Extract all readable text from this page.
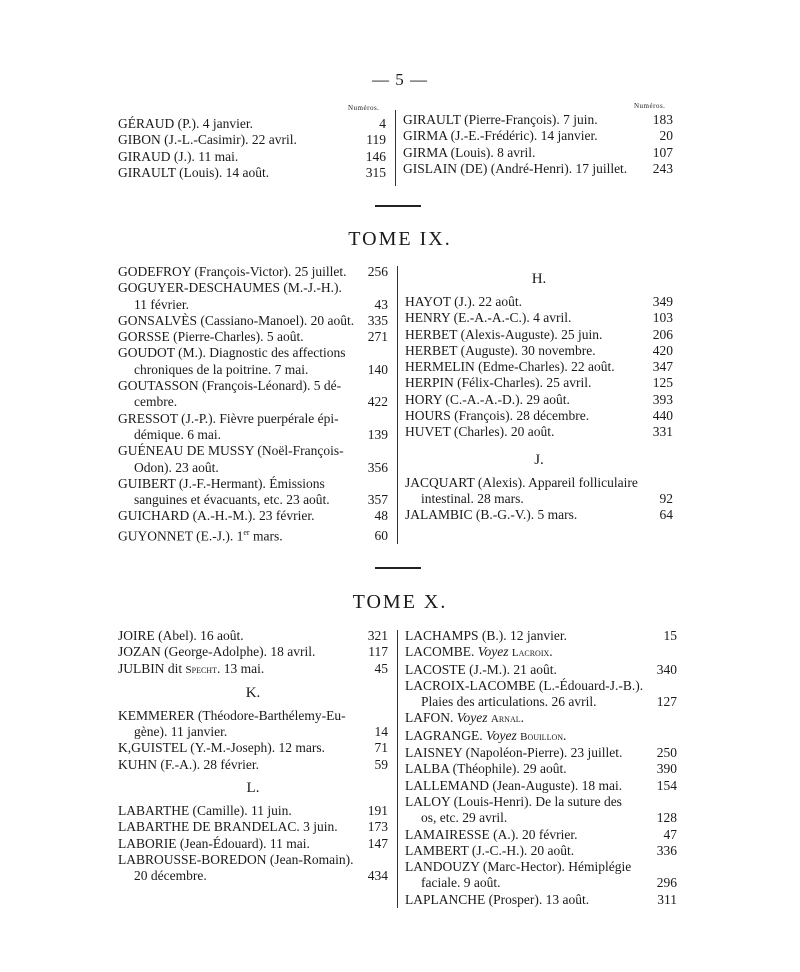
— 5 —
Numéros.	Numéros.
GÉRAUD (P.). 4 janvier.	4
GIBON (J.-L.-Casimir). 22 avril.	119
GIRAUD (J.). 11 mai.	146
GIRAULT (Louis). 14 août.	315
GIRAULT (Pierre-François). 7 juin.	183
GIRMA (J.-E.-Frédéric). 14 janvier.	20
GIRMA (Louis). 8 avril.	107
GISLAIN (DE) (André-Henri). 17 juillet.	243
TOME IX.
GODEFROY (François-Victor). 25 juillet.	256
GOGUYER-DESCHAUMES (M.-J.-H.).
11 février.	43
GONSALVÈS (Cassiano-Manoel). 20 août.	335
GORSSE (Pierre-Charles). 5 août.	271
GOUDOT (M.). Diagnostic des affections
chroniques de la poitrine. 7 mai.	140
GOUTASSON (François-Léonard). 5 dé-
cembre.	422
GRESSOT (J.-P.). Fièvre puerpérale épi-
démique. 6 mai.	139
GUÉNEAU DE MUSSY (Noël-François-
Odon). 23 août.	356
GUIBERT (J.-F.-Hermant). Émissions
sanguines et évacuants, etc. 23 août.	357
GUICHARD (A.-H.-M.). 23 février.	48
GUYONNET (E.-J.). 1er mars.	60
H.
HAYOT (J.). 22 août.	349
HENRY (E.-A.-A.-C.). 4 avril.	103
HERBET (Alexis-Auguste). 25 juin.	206
HERBET (Auguste). 30 novembre.	420
HERMELIN (Edme-Charles). 22 août.	347
HERPIN (Félix-Charles). 25 avril.	125
HORY (C.-A.-A.-D.). 29 août.	393
HOURS (François). 28 décembre.	440
HUVET (Charles). 20 août.	331
J.
JACQUART (Alexis). Appareil folliculaire
intestinal. 28 mars.	92
JALAMBIC (B.-G.-V.). 5 mars.	64
TOME X.
JOIRE (Abel). 16 août.	321
JOZAN (George-Adolphe). 18 avril.	117
JULBIN dit Specht. 13 mai.	45
K.
KEMMERER (Théodore-Barthélemy-Eu-
gène). 11 janvier.	14
K,GUISTEL (Y.-M.-Joseph). 12 mars.	71
KUHN (F.-A.). 28 février.	59
L.
LABARTHE (Camille). 11 juin.	191
LABARTHE DE BRANDELAC. 3 juin.	173
LABORIE (Jean-Édouard). 11 mai.	147
LABROUSSE-BOREDON (Jean-Romain).
20 décembre.	434
LACHAMPS (B.). 12 janvier.	15
LACOMBE. Voyez Lacroix.
LACOSTE (J.-M.). 21 août.	340
LACROIX-LACOMBE (L.-Édouard-J.-B.).
Plaies des articulations. 26 avril.	127
LAFON. Voyez Arnal.
LAGRANGE. Voyez Bouillon.
LAISNEY (Napoléon-Pierre). 23 juillet.	250
LALBA (Théophile). 29 août.	390
LALLEMAND (Jean-Auguste). 18 mai.	154
LALOY (Louis-Henri). De la suture des
os, etc. 29 avril.	128
LAMAIRESSE (A.). 20 février.	47
LAMBERT (J.-C.-H.). 20 août.	336
LANDOUZY (Marc-Hector). Hémiplégie
faciale. 9 août.	296
LAPLANCHE (Prosper). 13 août.	311
